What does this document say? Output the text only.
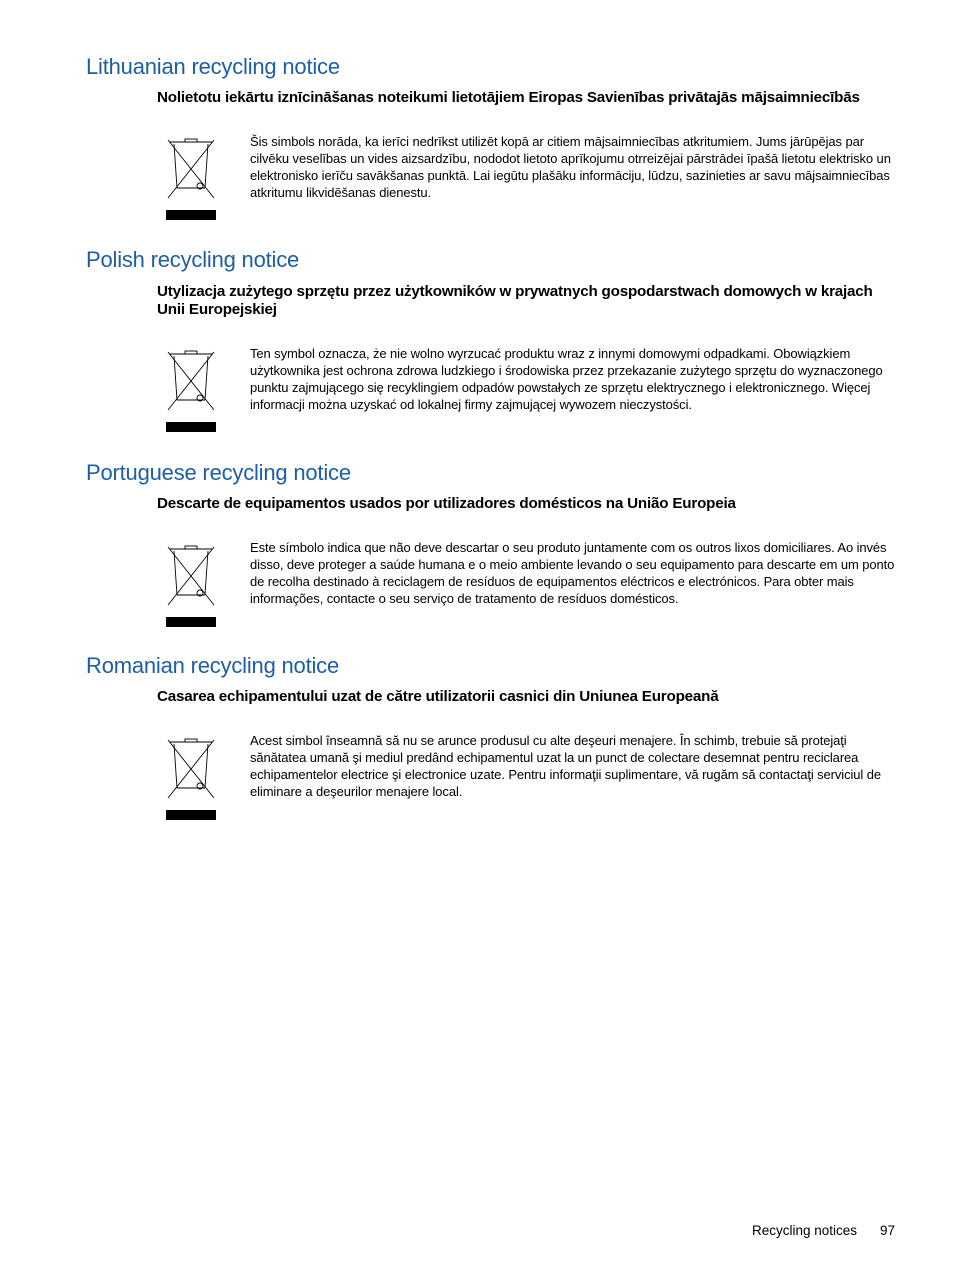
Lithuanian recycling notice

Nolietotu iekārtu iznīcināšanas noteikumi lietotājiem Eiropas Savienības privātajās mājsaimniecībās

Šis simbols norāda, ka ierīci nedrīkst utilizēt kopā ar citiem mājsaimniecības atkritumiem. Jums jārūpējas par cilvēku veselības un vides aizsardzību, nododot lietoto aprīkojumu otrreizējai pārstrādei īpašā lietotu elektrisko un elektronisko ierīču savākšanas punktā. Lai iegūtu plašāku informāciju, lūdzu, sazinieties ar savu mājsaimniecības atkritumu likvidēšanas dienestu.

Polish recycling notice

Utylizacja zużytego sprzętu przez użytkowników w prywatnych gospodarstwach domowych w krajach Unii Europejskiej

Ten symbol oznacza, że nie wolno wyrzucać produktu wraz z innymi domowymi odpadkami. Obowiązkiem użytkownika jest ochrona zdrowa ludzkiego i środowiska przez przekazanie zużytego sprzętu do wyznaczonego punktu zajmującego się recyklingiem odpadów powstałych ze sprzętu elektrycznego i elektronicznego. Więcej informacji można uzyskać od lokalnej firmy zajmującej wywozem nieczystości.

Portuguese recycling notice

Descarte de equipamentos usados por utilizadores domésticos na União Europeia

Este símbolo indica que não deve descartar o seu produto juntamente com os outros lixos domiciliares. Ao invés disso, deve proteger a saúde humana e o meio ambiente levando o seu equipamento para descarte em um ponto de recolha destinado à reciclagem de resíduos de equipamentos eléctricos e electrónicos. Para obter mais informações, contacte o seu serviço de tratamento de resíduos domésticos.

Romanian recycling notice

Casarea echipamentului uzat de către utilizatorii casnici din Uniunea Europeană

Acest simbol înseamnă să nu se arunce produsul cu alte deşeuri menajere. În schimb, trebuie să protejaţi sănătatea umană şi mediul predând echipamentul uzat la un punct de colectare desemnat pentru reciclarea echipamentelor electrice şi electronice uzate. Pentru informaţii suplimentare, vă rugăm să contactaţi serviciul de eliminare a deşeurilor menajere local.

Recycling notices 97
